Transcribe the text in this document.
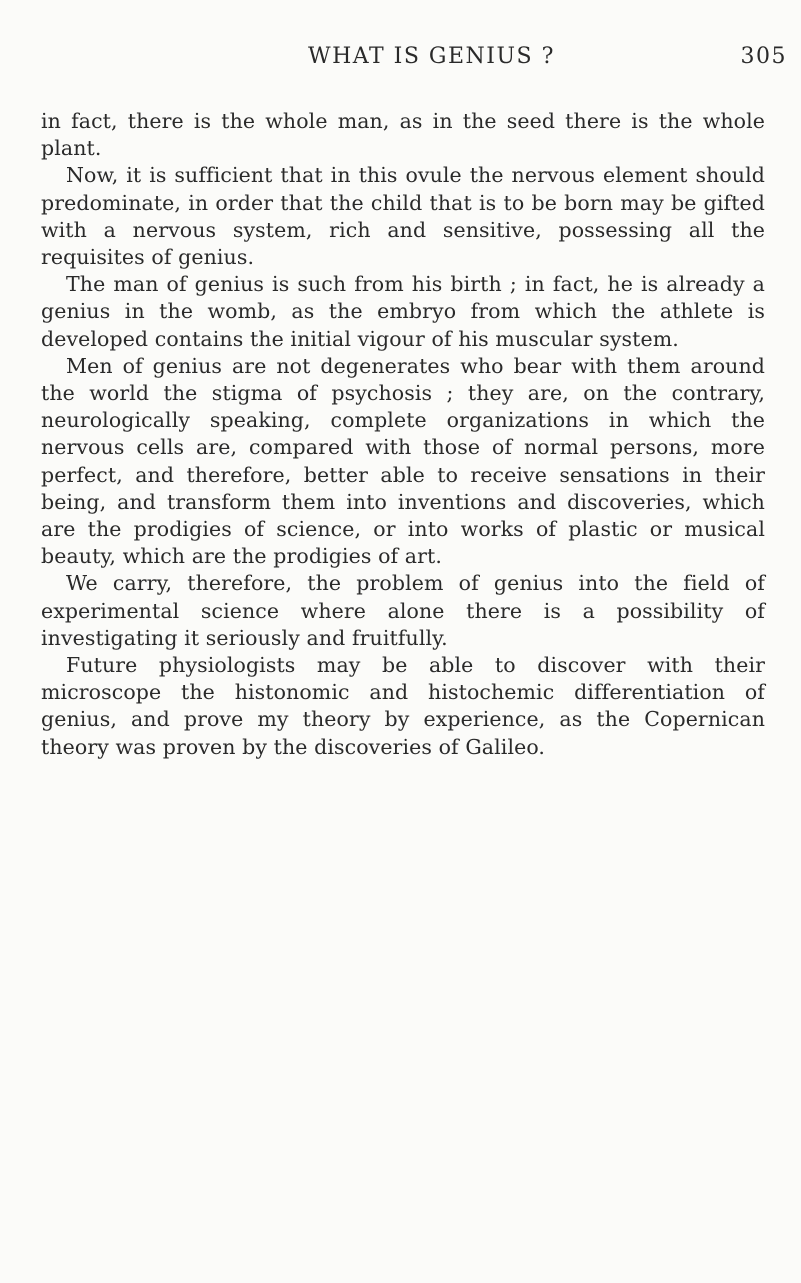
WHAT IS GENIUS ?	305

in fact, there is the whole man, as in the seed there is the whole plant.

Now, it is sufficient that in this ovule the nervous element should predominate, in order that the child that is to be born may be gifted with a nervous system, rich and sensitive, possessing all the requisites of genius.

The man of genius is such from his birth ; in fact, he is already a genius in the womb, as the embryo from which the athlete is developed contains the initial vigour of his muscular system.

Men of genius are not degenerates who bear with them around the world the stigma of psychosis ; they are, on the contrary, neurologically speaking, complete organizations in which the nervous cells are, compared with those of normal persons, more perfect, and therefore, better able to receive sensations in their being, and transform them into inventions and discoveries, which are the prodigies of science, or into works of plastic or musical beauty, which are the prodigies of art.

We carry, therefore, the problem of genius into the field of experimental science where alone there is a possibility of investigating it seriously and fruitfully.

Future physiologists may be able to discover with their microscope the histonomic and histochemic differentiation of genius, and prove my theory by experience, as the Copernican theory was proven by the discoveries of Galileo.
